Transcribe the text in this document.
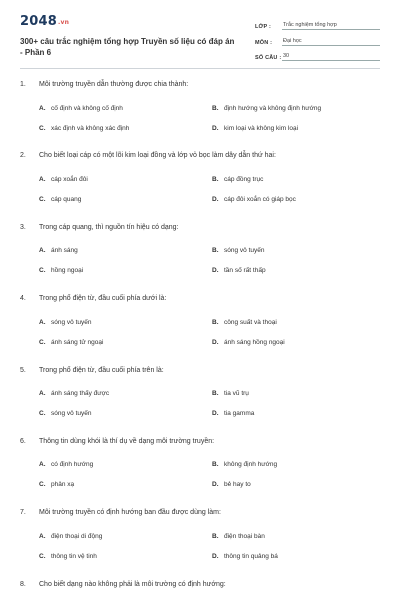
2048.vn
300+ câu trắc nghiệm tổng hợp Truyền số liệu có đáp án - Phần 6
LỚP :	Trắc nghiệm tổng hợp
MÔN :	Đại học
SỐ CÂU : 30
1.	Môi trường truyền dẫn thường được chia thành:
A. cố định và không cố định	B. định hướng và không định hướng
C. xác định và không xác định	D. kim loại và không kim loại
2.	Cho biết loại cáp có một lõi kim loại đồng và lớp vỏ bọc làm dây dẫn thứ hai:
A. cáp xoắn đôi	B. cáp đồng trục
C. cáp quang	D. cáp đôi xoắn có giáp bọc
3.	Trong cáp quang, thì nguồn tín hiệu có dạng:
A. ánh sáng	B. sóng vô tuyến
C. hồng ngoại	D. tần số rất thấp
4.	Trong phổ điện từ, đầu cuối phía dưới là:
A. sóng vô tuyến	B. công suất và thoại
C. ánh sáng tử ngoại	D. ánh sáng hồng ngoại
5.	Trong phổ điện từ, đầu cuối phía trên là:
A. ánh sáng thấy được	B. tia vũ trụ
C. sóng vô tuyến	D. tia gamma
6.	Thông tin dùng khói là thí dụ về dạng môi trường truyền:
A. có định hướng	B. không định hướng
C. phản xạ	D. bẻ hay to
7.	Môi trường truyền có định hướng ban đầu được dùng làm:
A. điện thoại di động	B. điện thoại bàn
C. thông tin vệ tinh	D. thông tin quảng bá
8.	Cho biết dạng nào không phải là môi trường có định hướng:
